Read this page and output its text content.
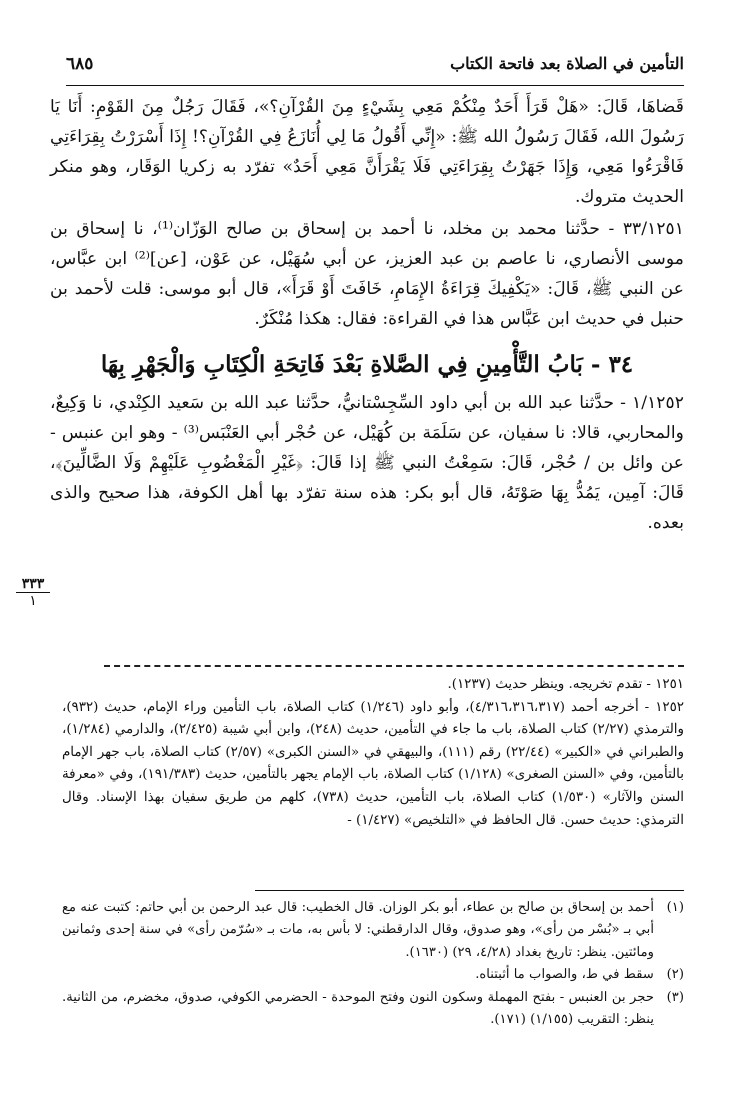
التأمين في الصلاة بعد فاتحة الكتاب
٦٨٥

قَضاهَا، قَالَ: «هَلْ قَرَأَ أَحَدٌ مِنْكُمْ مَعِي بِشَيْءٍ مِنَ القُرْآنِ؟»، فَقَالَ رَجُلٌ مِنَ القَوْمِ: أَنَا يَا رَسُولَ الله، فَقَالَ رَسُولُ الله ﷺ: «إِنِّي أَقُولُ مَا لِي أُنَازَعُ فِي القُرْآنِ؟! إِذَا أَسْرَرْتُ بِقِرَاءَتِي فَاقْرَءُوا مَعِي، وَإِذَا جَهَرْتُ بِقِرَاءَتِي فَلَا يَقْرَأَنَّ مَعِي أَحَدٌ» تفرّد به زكريا الوَقَار، وهو منكر الحديث متروك.

٣٣/١٢٥١ - حدَّثنا محمد بن مخلد، نا أحمد بن إسحاق بن صالح الوَزّان⁽¹⁾، نا إسحاق بن موسى الأنصاري، نا عاصم بن عبد العزيز، عن أبي سُهَيْل، عن عَوْن، [عن]⁽²⁾ ابن عبَّاس، عن النبي ﷺ، قَالَ: «يَكْفِيكَ قِرَاءَةُ الإِمَامِ، خَافَتَ أَوْ قَرَأَ»، قال أبو موسى: قلت لأحمد بن حنبل في حديث ابن عَبَّاس هذا في القراءة: فقال: هكذا مُنْكَرٌ.

٣٤ - بَابُ التَّأْمِينِ فِي الصَّلاةِ بَعْدَ فَاتِحَةِ الْكِتَابِ وَالْجَهْرِ بِهَا

١/١٢٥٢ - حدَّثنا عبد الله بن أبي داود السِّجِسْتانيُّ، حدَّثنا عبد الله بن سَعيد الكِنْدي، نا وَكِيعٌ، والمحاربي، قالا: نا سفيان، عن سَلَمَة بن كُهَيْل، عن حُجْر أبي العَنْبَس⁽³⁾ - وهو ابن عنبس - عن وائل بن / حُجْر، قَالَ: سَمِعْتُ النبي ﷺ إذا قَالَ: ﴿غَيْرِ الْمَغْضُوبِ عَلَيْهِمْ وَلَا الضَّالِّينَ﴾، قَالَ: آمِين، يَمُدُّ بِهَا صَوْتَهُ، قال أبو بكر: هذه سنة تفرّد بها أهل الكوفة، هذا صحيح والذى بعده.

٣٣٣
١

١٢٥١ - تقدم تخريجه. وينظر حديث (١٢٣٧).

١٢٥٢ - أخرجه أحمد (٤/٣١٦،٣١٦،٣١٧)، وأبو داود (١/٢٤٦) كتاب الصلاة، باب التأمين وراء الإمام، حديث (٩٣٢)، والترمذي (٢/٢٧) كتاب الصلاة، باب ما جاء في التأمين، حديث (٢٤٨)، وابن أبي شيبة (٢/٤٢٥)، والدارمي (١/٢٨٤)، والطبراني في «الكبير» (٢٢/٤٤) رقم (١١١)، والبيهقي في «السنن الكبرى» (٢/٥٧) كتاب الصلاة، باب جهر الإمام بالتأمين، وفي «السنن الصغرى» (١/١٢٨) كتاب الصلاة، باب الإمام يجهر بالتأمين، حديث (١٩١/٣٨٣)، وفي «معرفة السنن والآثار» (١/٥٣٠) كتاب الصلاة، باب التأمين، حديث (٧٣٨)، كلهم من طريق سفيان بهذا الإسناد. وقال الترمذي: حديث حسن. قال الحافظ في «التلخيص» (١/٤٢٧) -

(١)

أحمد بن إسحاق بن صالح بن عطاء، أبو بكر الوزان. قال الخطيب: قال عبد الرحمن بن أبي حاتم: كتبت عنه مع أبي بـ «بُسْر من رأى»، وهو صدوق، وقال الدارقطني: لا بأس به، مات بـ «سُرّمن رأى» في سنة إحدى وثمانين ومائتين. ينظر: تاريخ بغداد (٤/٢٨، ٢٩) (١٦٣٠).

(٢)

سقط في ط، والصواب ما أثبتناه.

(٣)

حجر بن العنبس - بفتح المهملة وسكون النون وفتح الموحدة - الحضرمي الكوفي، صدوق، مخضرم، من الثانية. ينظر: التقريب (١/١٥٥) (١٧١).
